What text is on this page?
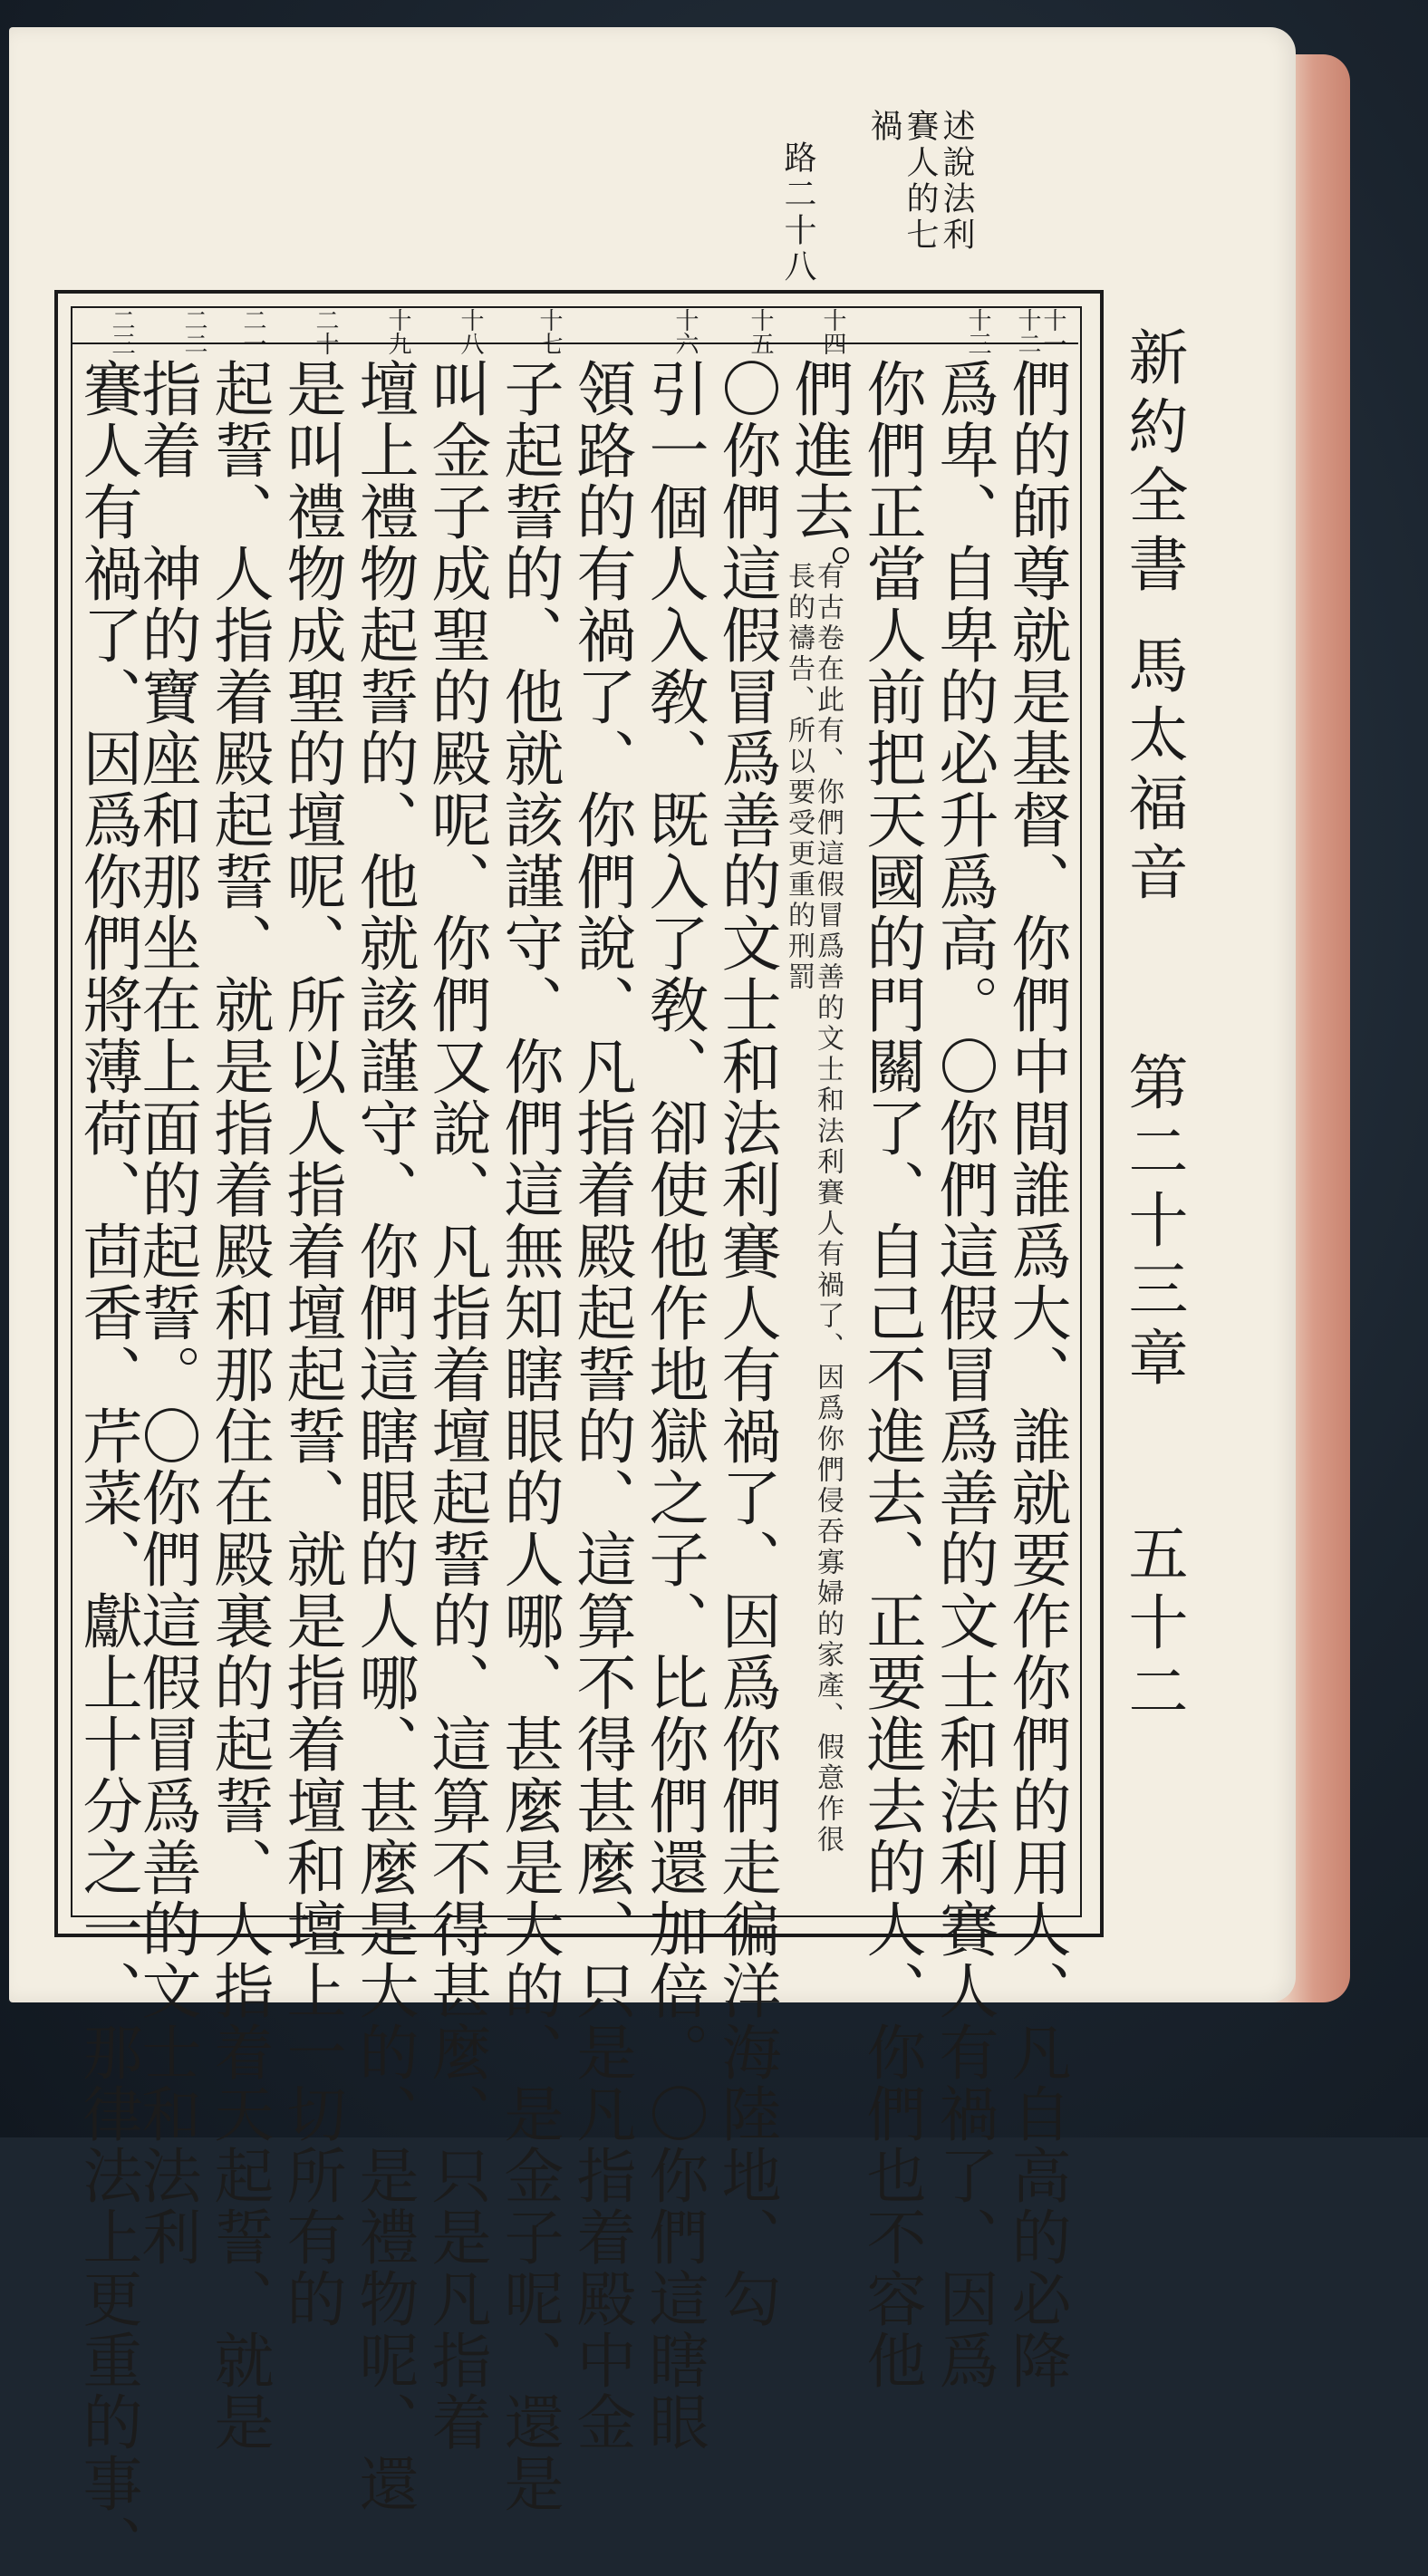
述說法利
賽人的七
禍
路二十八
新約全書
馬太福音
第二十三章
五十二
十一
十二
十三
十四
十五
十六
十七
十八
十九
二十
二一
二二
二三
們的師尊就是基督、你們中間誰爲大、誰就要作你們的用人、凡自高的必降
爲卑、自卑的必升爲高。〇你們這假冒爲善的文士和法利賽人有禍了、因爲
你們正當人前把天國的門關了、自己不進去、正要進去的人、你們也不容他
們進去。
有古卷在此有、你們這假冒爲善的文士和法利賽人有禍了、因爲你們侵吞寡婦的家產、假意作很長的禱告、所以要受更重的刑罰
〇你們這假冒爲善的文士和法利賽人有禍了、因爲你們走徧洋海陸地、勾
引一個人入敎、既入了敎、卻使他作地獄之子、比你們還加倍。〇你們這瞎眼
領路的有禍了、你們說、凡指着殿起誓的、這算不得甚麼、只是凡指着殿中金
子起誓的、他就該謹守、你們這無知瞎眼的人哪、甚麼是大的、是金子呢、還是
叫金子成聖的殿呢、你們又說、凡指着壇起誓的、這算不得甚麼、只是凡指着
壇上禮物起誓的、他就該謹守、你們這瞎眼的人哪、甚麼是大的、是禮物呢、還
是叫禮物成聖的壇呢、所以人指着壇起誓、就是指着壇和壇上一切所有的
起誓、人指着殿起誓、就是指着殿和那住在殿裏的起誓、人指着天起誓、就是
指着　神的寶座和那坐在上面的起誓。〇你們這假冒爲善的文士和法利
賽人有禍了、因爲你們將薄荷、茴香、芹菜、獻上十分之一、那律法上更重的事、
